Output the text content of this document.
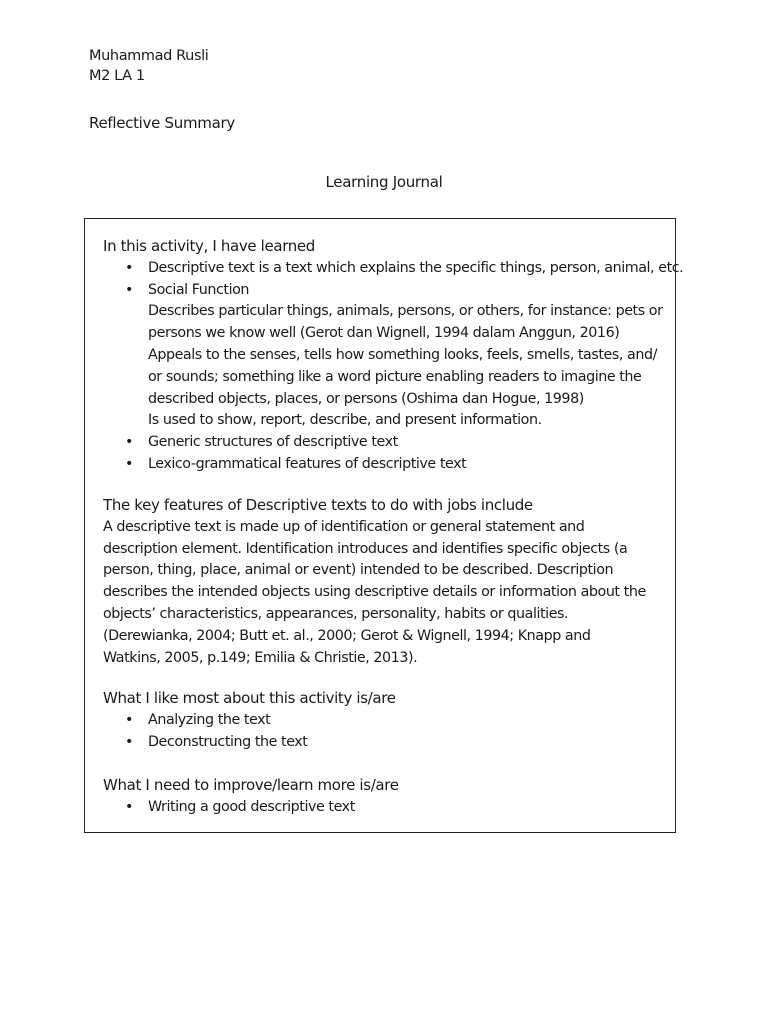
Muhammad Rusli
M2 LA 1
Reflective Summary
Learning Journal
In this activity, I have learned
• Descriptive text is a text which explains the specific things, person, animal, etc.
• Social Function
Describes particular things, animals, persons, or others, for instance: pets or
persons we know well (Gerot dan Wignell, 1994 dalam Anggun, 2016)
Appeals to the senses, tells how something looks, feels, smells, tastes, and/
or sounds; something like a word picture enabling readers to imagine the
described objects, places, or persons (Oshima dan Hogue, 1998)
Is used to show, report, describe, and present information.
• Generic structures of descriptive text
• Lexico-grammatical features of descriptive text
The key features of Descriptive texts to do with jobs include
A descriptive text is made up of identification or general statement and
description element. Identification introduces and identifies specific objects (a
person, thing, place, animal or event) intended to be described. Description
describes the intended objects using descriptive details or information about the
objects’ characteristics, appearances, personality, habits or qualities.
(Derewianka, 2004; Butt et. al., 2000; Gerot & Wignell, 1994; Knapp and
Watkins, 2005, p.149; Emilia & Christie, 2013).
What I like most about this activity is/are
• Analyzing the text
• Deconstructing the text
What I need to improve/learn more is/are
• Writing a good descriptive text
